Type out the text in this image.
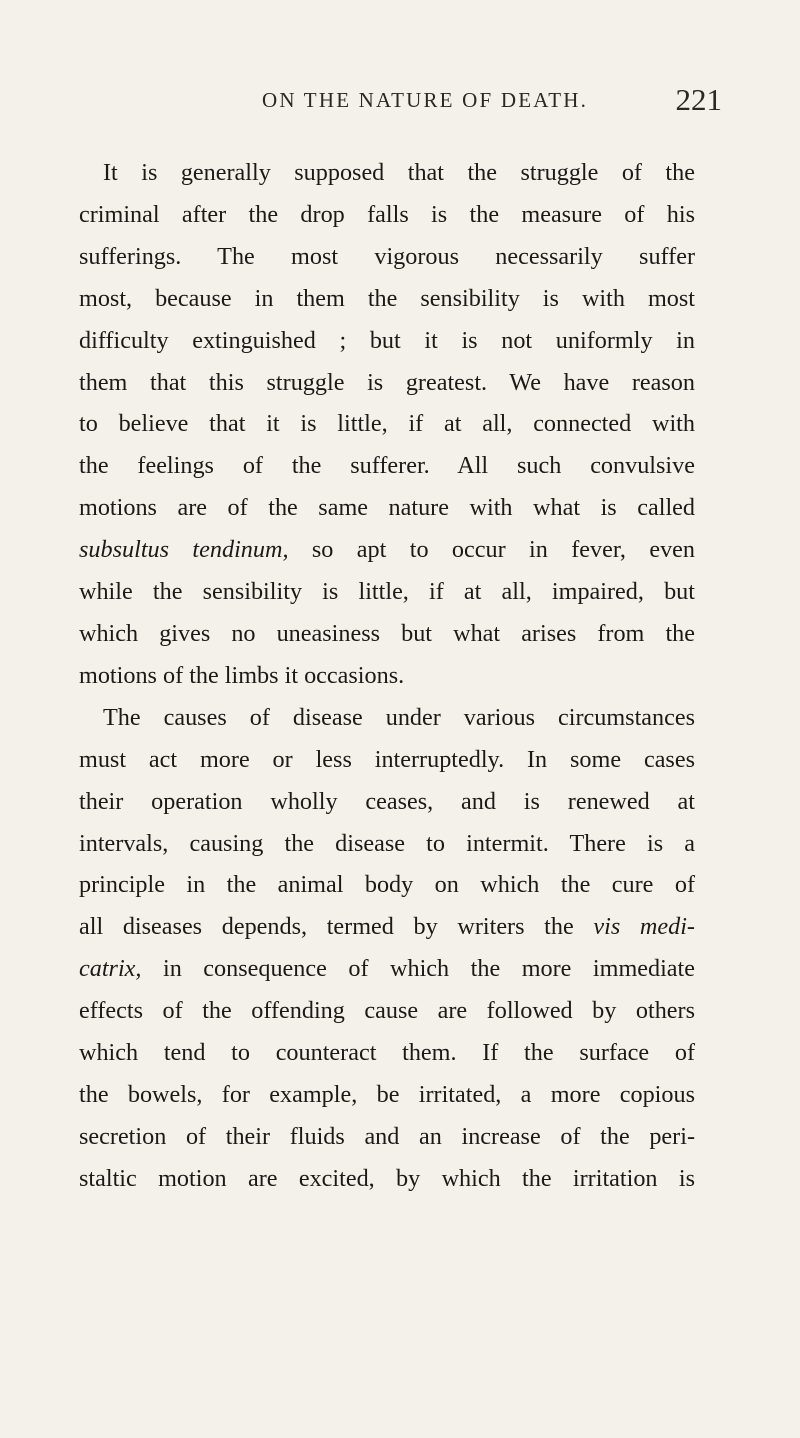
ON THE NATURE OF DEATH.	221
It is generally supposed that the struggle of the
criminal after the drop falls is the measure of his
sufferings. The most vigorous necessarily suffer
most, because in them the sensibility is with most
difficulty extinguished ; but it is not uniformly in
them that this struggle is greatest. We have reason
to believe that it is little, if at all, connected with
the feelings of the sufferer. All such convulsive
motions are of the same nature with what is called
subsultus tendinum, so apt to occur in fever, even
while the sensibility is little, if at all, impaired, but
which gives no uneasiness but what arises from the
motions of the limbs it occasions.
The causes of disease under various circumstances
must act more or less interruptedly. In some cases
their operation wholly ceases, and is renewed at
intervals, causing the disease to intermit. There is a
principle in the animal body on which the cure of
all diseases depends, termed by writers the vis medi-
catrix, in consequence of which the more immediate
effects of the offending cause are followed by others
which tend to counteract them. If the surface of
the bowels, for example, be irritated, a more copious
secretion of their fluids and an increase of the peri-
staltic motion are excited, by which the irritation is
